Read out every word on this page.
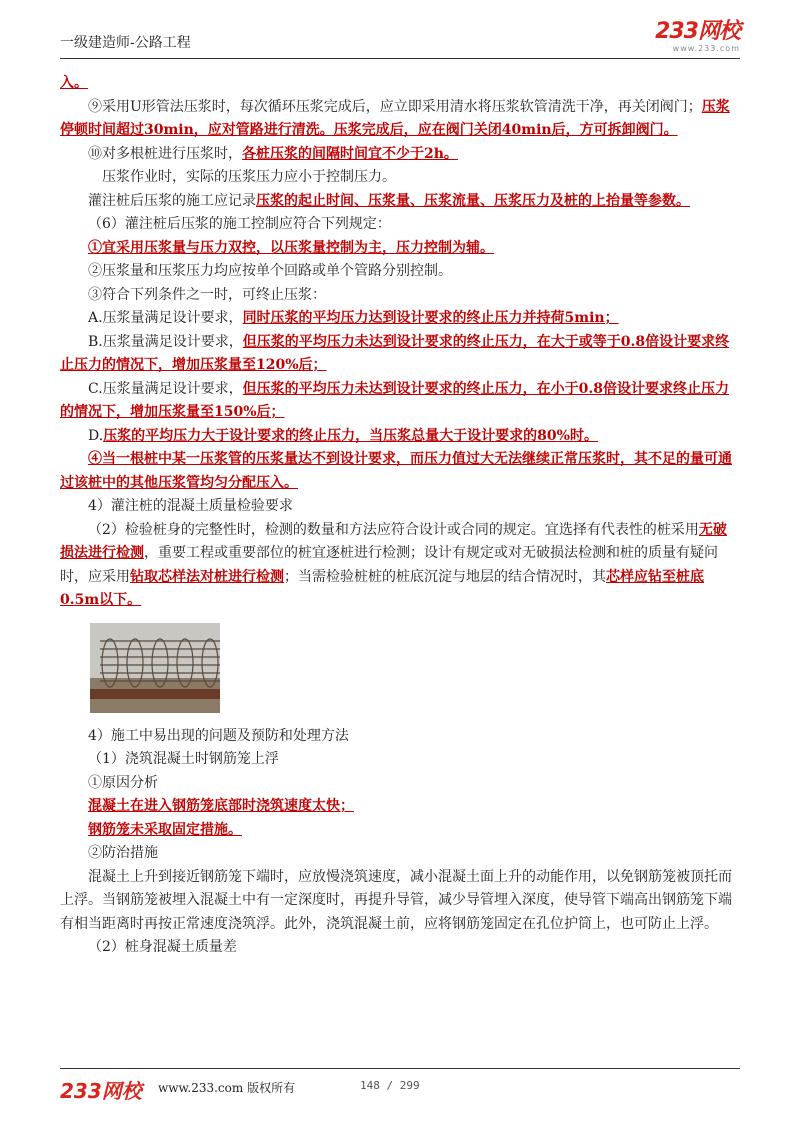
一级建造师-公路工程	233网校
www.233.com

入。

⑨采用U形管法压浆时，每次循环压浆完成后，应立即采用清水将压浆软管清洗干净，再关闭阀门；压浆停顿时间超过30min，应对管路进行清洗。压浆完成后，应在阀门关闭40min后，方可拆卸阀门。

⑩对多根桩进行压浆时，各桩压浆的间隔时间宜不少于2h。

压浆作业时，实际的压浆压力应小于控制压力。

灌注桩后压浆的施工应记录压浆的起止时间、压浆量、压浆流量、压浆压力及桩的上抬量等参数。

（6）灌注桩后压浆的施工控制应符合下列规定：

①宜采用压浆量与压力双控，以压浆量控制为主，压力控制为辅。

②压浆量和压浆压力均应按单个回路或单个管路分别控制。

③符合下列条件之一时，可终止压浆：

A.压浆量满足设计要求，同时压浆的平均压力达到设计要求的终止压力并持荷5min；

B.压浆量满足设计要求，但压浆的平均压力未达到设计要求的终止压力，在大于或等于0.8倍设计要求终止压力的情况下，增加压浆量至120%后；

C.压浆量满足设计要求，但压浆的平均压力未达到设计要求的终止压力，在小于0.8倍设计要求终止压力的情况下，增加压浆量至150%后；

D.压浆的平均压力大于设计要求的终止压力，当压浆总量大于设计要求的80%时。

④当一根桩中某一压浆管的压浆量达不到设计要求，而压力值过大无法继续正常压浆时，其不足的量可通过该桩中的其他压浆管均匀分配压入。

4）灌注桩的混凝土质量检验要求

（2）检验桩身的完整性时，检测的数量和方法应符合设计或合同的规定。宜选择有代表性的桩采用无破损法进行检测，重要工程或重要部位的桩宜逐桩进行检测；设计有规定或对无破损法检测和桩的质量有疑问时，应采用钻取芯样法对桩进行检测；当需检验桩桩的桩底沉淀与地层的结合情况时，其芯样应钻至桩底0.5m以下。

4）施工中易出现的问题及预防和处理方法

（1）浇筑混凝土时钢筋笼上浮

①原因分析

混凝土在进入钢筋笼底部时浇筑速度太快；

钢筋笼未采取固定措施。

②防治措施

混凝土上升到接近钢筋笼下端时，应放慢浇筑速度，减小混凝土面上升的动能作用，以免钢筋笼被顶托而上浮。当钢筋笼被埋入混凝土中有一定深度时，再提升导管，减少导管埋入深度，使导管下端高出钢筋笼下端有相当距离时再按正常速度浇筑浮。此外，浇筑混凝土前，应将钢筋笼固定在孔位护筒上，也可防止上浮。

（2）桩身混凝土质量差

233网校 www.233.com 版权所有	148 / 299
